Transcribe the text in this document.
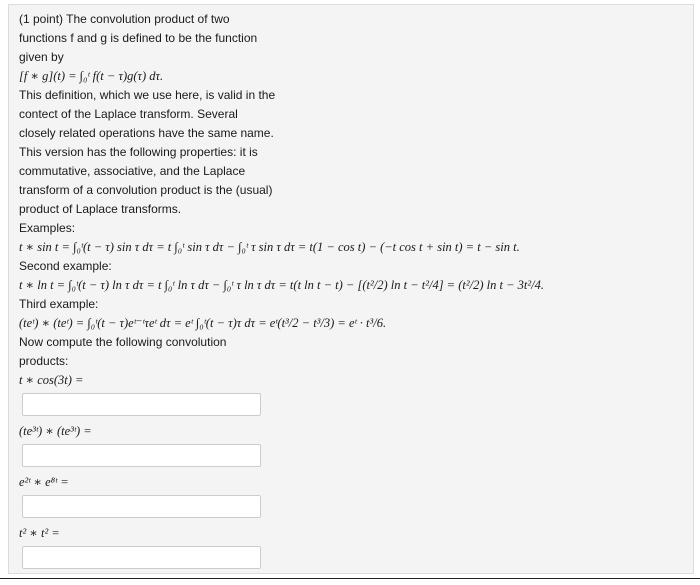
(1 point) The convolution product of two
functions f and g is defined to be the function
given by
[f ∗ g](t) = ∫₀ᵗ f(t − τ)g(τ) dτ.
This definition, which we use here, is valid in the
contect of the Laplace transform. Several
closely related operations have the same name.
This version has the following properties: it is
commutative, associative, and the Laplace
transform of a convolution product is the (usual)
product of Laplace transforms.
Examples:
t ∗ sin t = ∫₀ᵗ(t − τ) sin τ dτ = t ∫₀ᵗ sin τ dτ − ∫₀ᵗ τ sin τ dτ = t(1 − cos t) − (−t cos t + sin t) = t − sin t.
Second example:
t ∗ ln t = ∫₀ᵗ(t − τ) ln τ dτ = t ∫₀ᵗ ln τ dτ − ∫₀ᵗ τ ln τ dτ = t(t ln t − t) − [(t²/2) ln t − t²/4] = (t²/2) ln t − 3t²/4.
Third example:
(teᵗ) ∗ (teᵗ) = ∫₀ᵗ(t − τ)eᵗ⁻ᵗτeᵗ dτ = eᵗ ∫₀ᵗ(t − τ)τ dτ = eᵗ(t³/2 − t³/3) = eᵗ · t³/6.
Now compute the following convolution
products:
t ∗ cos(3t) =
(te³ᵗ) ∗ (te³ᵗ) =
e²ᵗ ∗ e⁸ᵗ =
t² ∗ t² =
